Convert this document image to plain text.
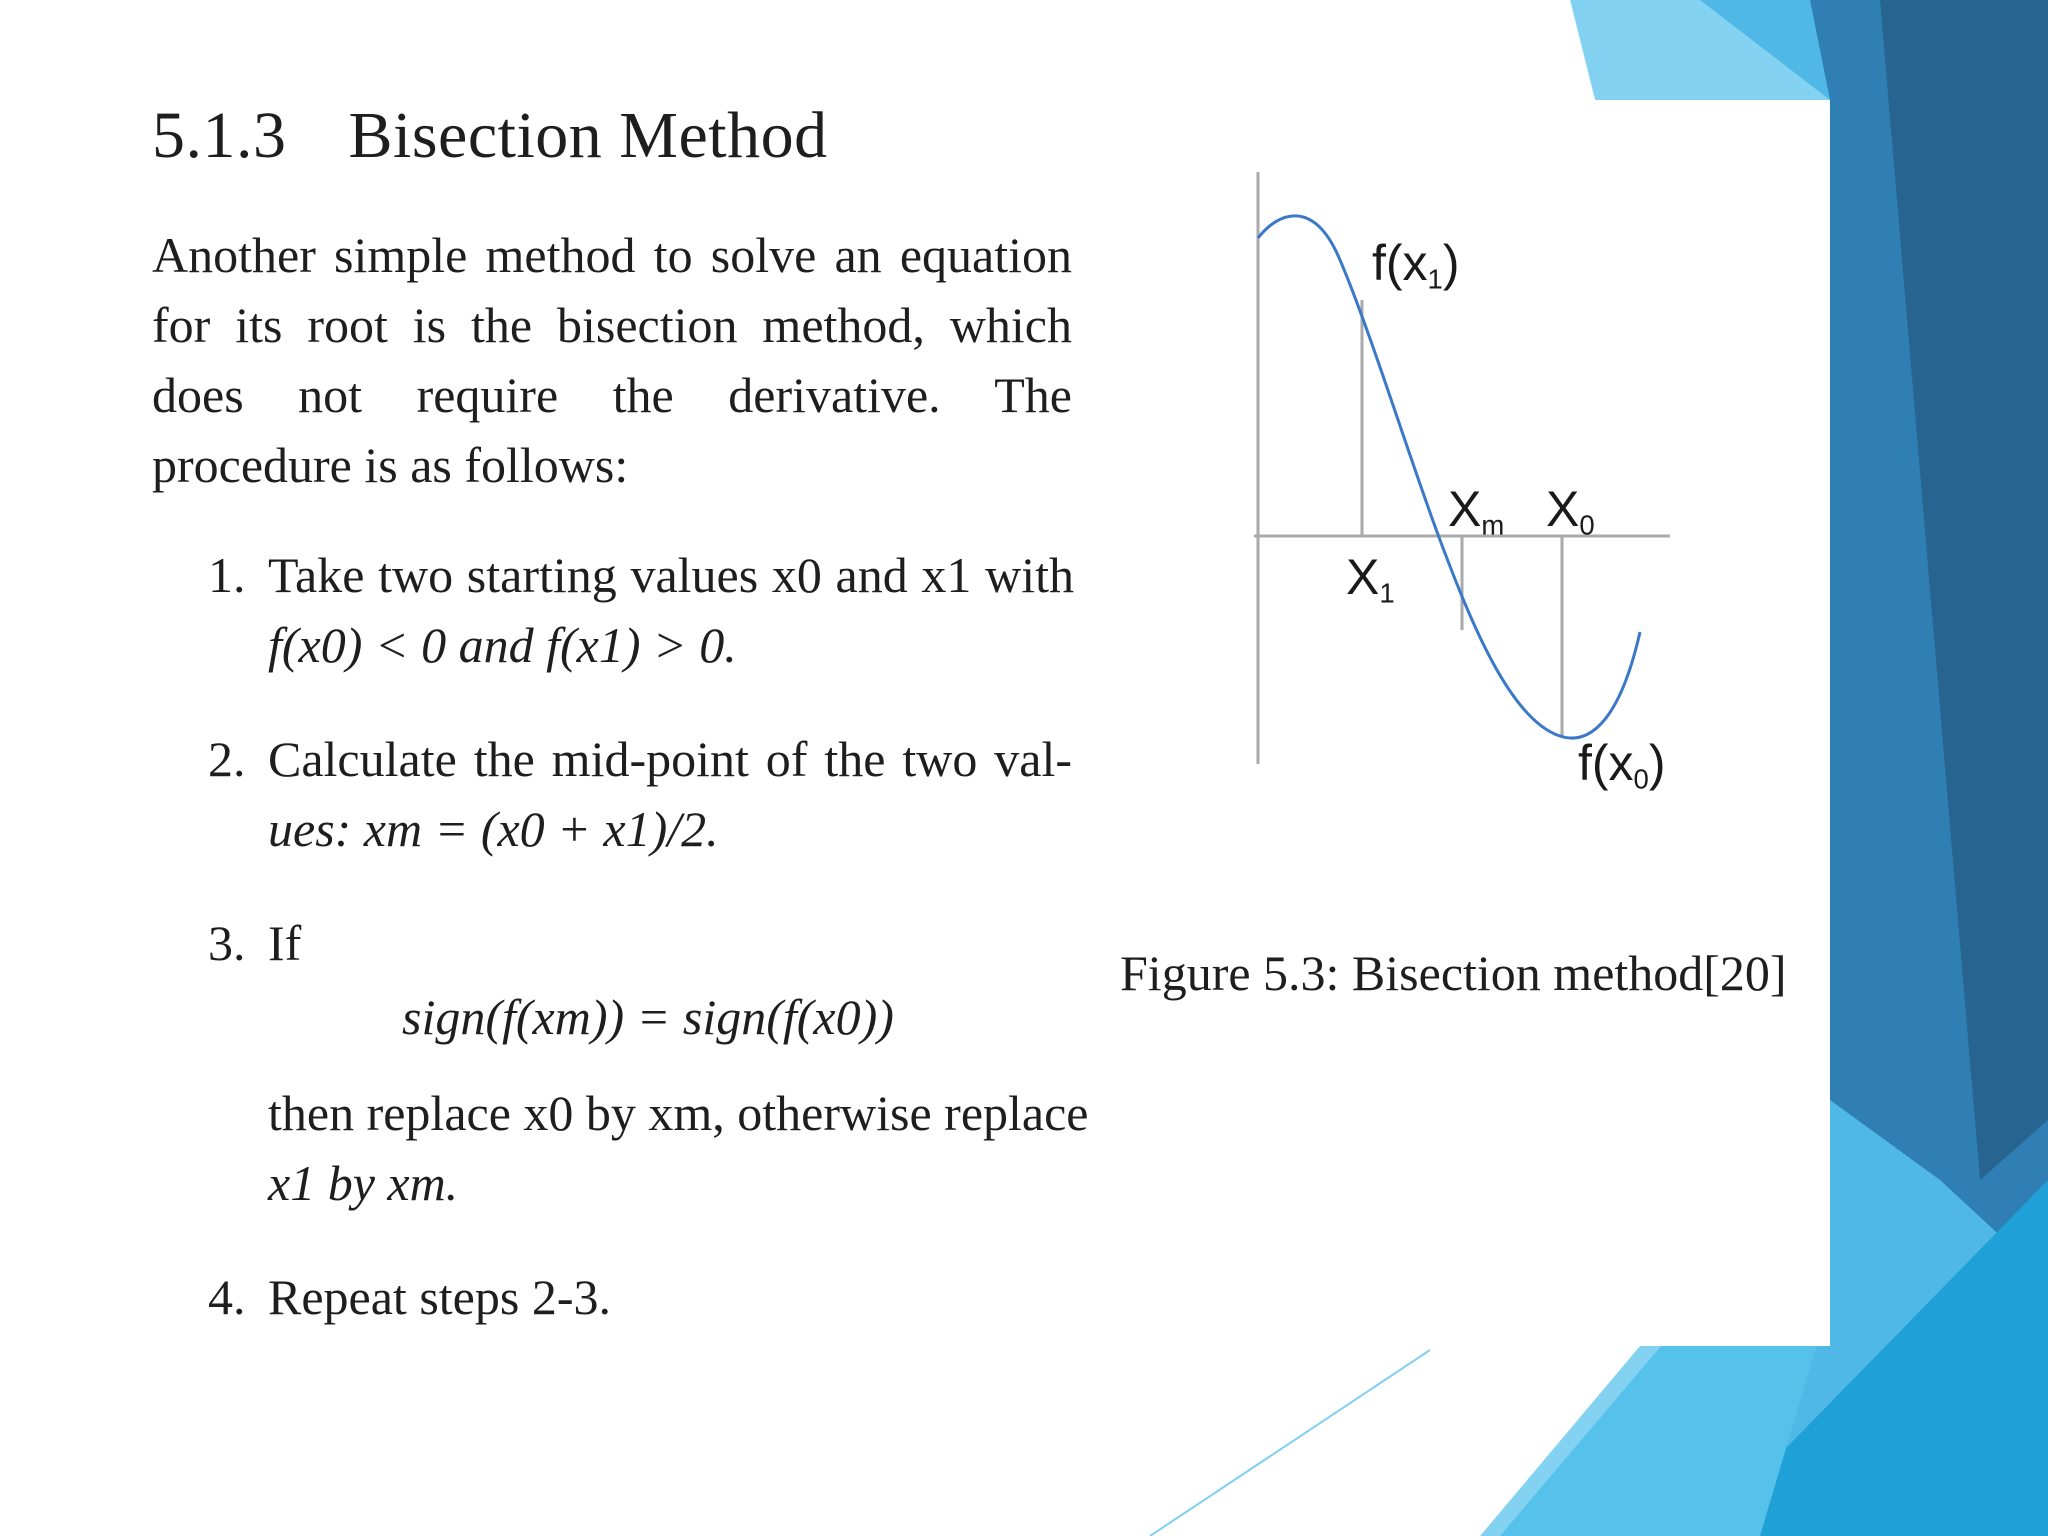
5.1.3 Bisection Method
Another simple method to solve an equation for its root is the bisection method, which does not require the derivative. The procedure is as follows:
1. Take two starting values x0 and x1 with
f(x0) < 0 and f(x1) > 0.
2. Calculate the mid-point of the two val-
ues: xm = (x0 + x1)/2.
3. If
sign(f(xm)) = sign(f(x0))
then replace x0 by xm, otherwise replace
x1 by xm.
4. Repeat steps 2-3.
$f(x_1)$
$X_m$ $X_0$
$X_1$
$f(x_0)$
Figure 5.3: Bisection method[20]
